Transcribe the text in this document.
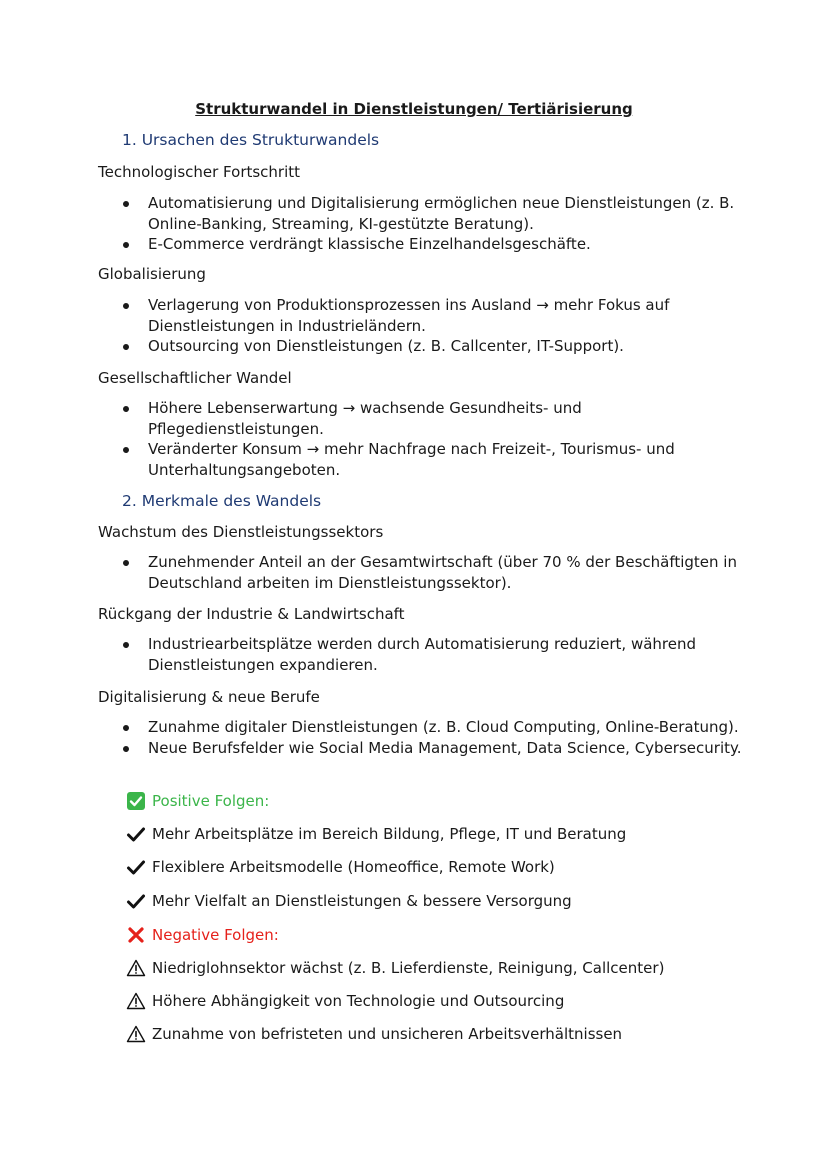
Strukturwandel in Dienstleistungen/ Tertiärisierung
1. Ursachen des Strukturwandels
Technologischer Fortschritt
Automatisierung und Digitalisierung ermöglichen neue Dienstleistungen (z. B. Online-Banking, Streaming, KI-gestützte Beratung).
E-Commerce verdrängt klassische Einzelhandelsgeschäfte.
Globalisierung
Verlagerung von Produktionsprozessen ins Ausland → mehr Fokus auf Dienstleistungen in Industrieländern.
Outsourcing von Dienstleistungen (z. B. Callcenter, IT-Support).
Gesellschaftlicher Wandel
Höhere Lebenserwartung → wachsende Gesundheits- und Pflegedienstleistungen.
Veränderter Konsum → mehr Nachfrage nach Freizeit-, Tourismus- und Unterhaltungsangeboten.
2. Merkmale des Wandels
Wachstum des Dienstleistungssektors
Zunehmender Anteil an der Gesamtwirtschaft (über 70 % der Beschäftigten in Deutschland arbeiten im Dienstleistungssektor).
Rückgang der Industrie & Landwirtschaft
Industriearbeitsplätze werden durch Automatisierung reduziert, während Dienstleistungen expandieren.
Digitalisierung & neue Berufe
Zunahme digitaler Dienstleistungen (z. B. Cloud Computing, Online-Beratung).
Neue Berufsfelder wie Social Media Management, Data Science, Cybersecurity.
Positive Folgen:
Mehr Arbeitsplätze im Bereich Bildung, Pflege, IT und Beratung
Flexiblere Arbeitsmodelle (Homeoffice, Remote Work)
Mehr Vielfalt an Dienstleistungen & bessere Versorgung
Negative Folgen:
Niedriglohnsektor wächst (z. B. Lieferdienste, Reinigung, Callcenter)
Höhere Abhängigkeit von Technologie und Outsourcing
Zunahme von befristeten und unsicheren Arbeitsverhältnissen
